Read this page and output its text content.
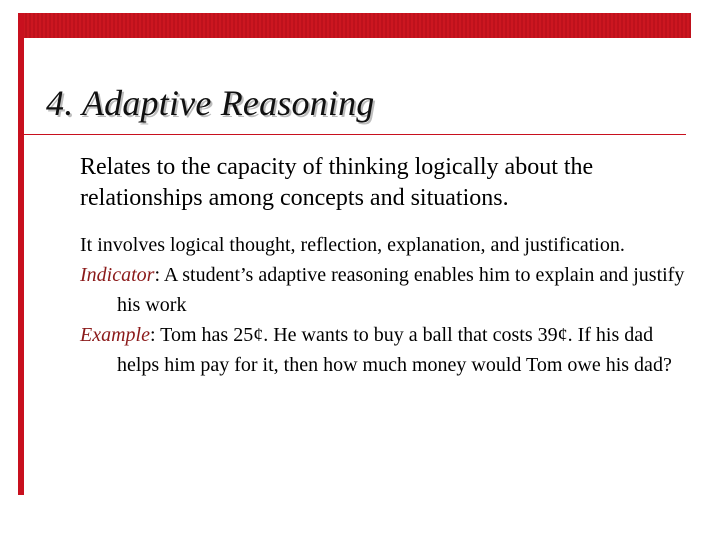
4. Adaptive Reasoning
Relates to the capacity of thinking logically about the relationships among concepts and situations.

It involves logical thought, reflection, explanation, and justification.

Indicator: A student’s adaptive reasoning enables him to explain and justify his work

Example: Tom has 25¢. He wants to buy a ball that costs 39¢. If his dad helps him pay for it, then how much money would Tom owe his dad?
